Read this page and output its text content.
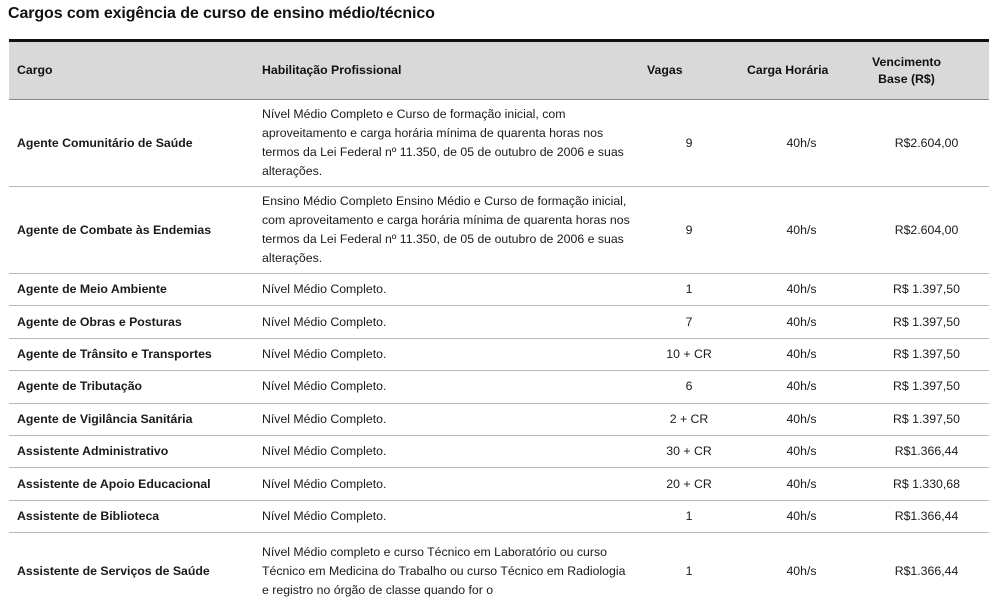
Cargos com exigência de curso de ensino médio/técnico
Cargo	Habilitação Profissional	Vagas	Carga Horária	Vencimento
Base (R$)
Agente Comunitário de Saúde	Nível Médio Completo e Curso de formação inicial, com aproveitamento e carga horária mínima de quarenta horas nos termos da Lei Federal nº 11.350, de 05 de outubro de 2006 e suas alterações.	9	40h/s	R$2.604,00
Agente de Combate às Endemias	Ensino Médio Completo Ensino Médio e Curso de formação inicial, com aproveitamento e carga horária mínima de quarenta horas nos termos da Lei Federal nº 11.350, de 05 de outubro de 2006 e suas alterações.	9	40h/s	R$2.604,00
Agente de Meio Ambiente	Nível Médio Completo.	1	40h/s	R$ 1.397,50
Agente de Obras e Posturas	Nível Médio Completo.	7	40h/s	R$ 1.397,50
Agente de Trânsito e Transportes	Nível Médio Completo.	10 + CR	40h/s	R$ 1.397,50
Agente de Tributação	Nível Médio Completo.	6	40h/s	R$ 1.397,50
Agente de Vigilância Sanitária	Nível Médio Completo.	2 + CR	40h/s	R$ 1.397,50
Assistente Administrativo	Nível Médio Completo.	30 + CR	40h/s	R$1.366,44
Assistente de Apoio Educacional	Nível Médio Completo.	20 + CR	40h/s	R$ 1.330,68
Assistente de Biblioteca	Nível Médio Completo.	1	40h/s	R$1.366,44
Assistente de Serviços de Saúde	Nível Médio completo e curso Técnico em Laboratório ou curso Técnico em Medicina do Trabalho ou curso Técnico em Radiologia e registro no órgão de classe quando for o	1	40h/s	R$1.366,44
